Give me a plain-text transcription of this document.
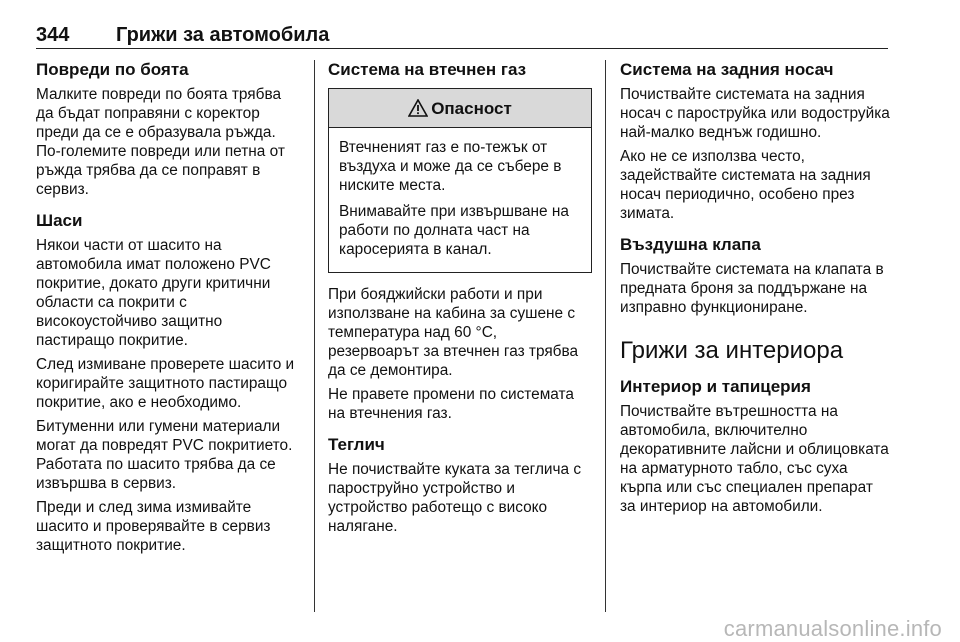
344 Грижи за автомобила
Повреди по боята
Малките повреди по боята трябва да бъдат поправяни с коректор преди да се е образувала ръжда. По-големите повреди или петна от ръжда трябва да се поправят в сервиз.
Шаси
Някои части от шасито на автомобила имат положено PVC покритие, докато други критични области са покрити с високоустойчиво защитно пастиращо покритие.
След измиване проверете шасито и коригирайте защитното пастиращо покритие, ако е необходимо.
Битуменни или гумени материали могат да повредят PVC покритието. Работата по шасито трябва да се извършва в сервиз.
Преди и след зима измивайте шасито и проверявайте в сервиз защитното покритие.
Система на втечнен газ
Опасност
Втечненият газ е по-тежък от въздуха и може да се събере в ниските места.
Внимавайте при извършване на работи по долната част на каросерията в канал.
При бояджийски работи и при използване на кабина за сушене с температура над 60 °C, резервоарът за втечнен газ трябва да се демонтира.
Не правете промени по системата на втечнения газ.
Теглич
Не почиствайте куката за теглича с пароструйно устройство и устройство работещо с високо налягане.
Система на задния носач
Почиствайте системата на задния носач с пароструйка или водоструйка най-малко веднъж годишно.
Ако не се използва често, задействайте системата на задния носач периодично, особено през зимата.
Въздушна клапа
Почиствайте системата на клапата в предната броня за поддържане на изправно функциониране.
Грижи за интериора
Интериор и тапицерия
Почиствайте вътрешността на автомобила, включително декоративните лайсни и облицовката на арматурното табло, със суха кърпа или със специален препарат за интериор на автомобили.
carmanualsonline.info
